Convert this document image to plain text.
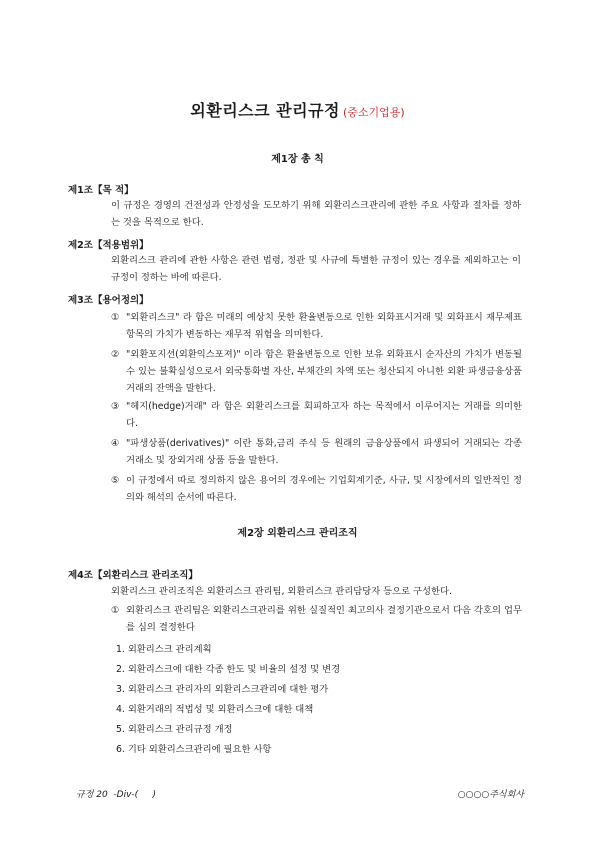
외환리스크 관리규정 (중소기업용)
제1장 총 칙
제1조【목 적】
이 규정은 경영의 건전성과 안정성을 도모하기 위해 외환리스크관리에 관한 주요 사항과 절차를 정하는 것을 목적으로 한다.
제2조【적용범위】
외환리스크 관리에 관한 사항은 관련 법령, 정관 및 사규에 특별한 규정이 있는 경우를 제외하고는 이 규정이 정하는 바에 따른다.
제3조【용어정의】
① "외환리스크" 라 함은 미래의 예상치 못한 환율변동으로 인한 외화표시거래 및 외화표시 재무제표 항목의 가치가 변동하는 재무적 위험을 의미한다.
② "외환포지션(외환익스포져)" 이라 함은 환율변동으로 인한 보유 외화표시 순자산의 가치가 변동될 수 있는 불확실성으로서 외국통화별 자산, 부채간의 차액 또는 청산되지 아니한 외환 파생금융상품거래의 잔액을 말한다.
③ "헤지(hedge)거래" 라 함은 외환리스크를 회피하고자 하는 목적에서 이루어지는 거래를 의미한다.
④ "파생상품(derivatives)" 이란 통화,금리 주식 등 원래의 금융상품에서 파생되어 거래되는 각종 거래소 및 장외거래 상품 등을 말한다.
⑤ 이 규정에서 따로 정의하지 않은 용어의 경우에는 기업회계기준, 사규, 및 시장에서의 일반적인 정의와 해석의 순서에 따른다.
제2장 외환리스크 관리조직
제4조【외환리스크 관리조직】
외환리스크 관리조직은 외환리스크 관리팀, 외환리스크 관리담당자 등으로 구성한다.
① 외환리스크 관리팀은 외환리스크관리를 위한 실질적인 최고의사 결정기관으로서 다음 각호의 업무를 심의 결정한다
1. 외환리스크 관리계획
2. 외환리스크에 대한 각종 한도 및 비율의 설정 및 변경
3. 외환리스크 관리자의 외환리스크관리에 대한 평가
4. 외환거래의 적법성 및 외환리스크에 대한 대책
5. 외환리스크 관리규정 개정
6. 기타 외환리스크관리에 필요한 사항
규정 20  -Div-(     )	○○○○주식회사
